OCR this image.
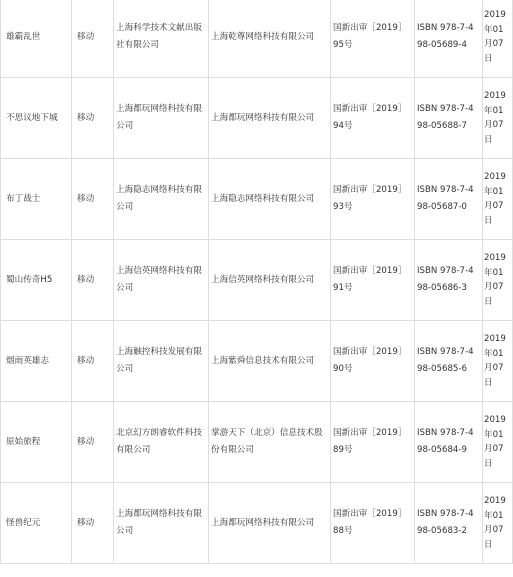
雄霸乱世	移动	上海科学技术文献出版社有限公司	上海乾尊网络科技有限公司	国新出审［2019］95号	ISBN 978-7-498-05689-4	2019年01月07日

不思议地下城	移动	上海都玩网络科技有限公司	上海都玩网络科技有限公司	国新出审［2019］94号	ISBN 978-7-498-05688-7	2019年01月07日

布丁战士	移动	上海隐志网络科技有限公司	上海隐志网络科技有限公司	国新出审［2019］93号	ISBN 978-7-498-05687-0	2019年01月07日

蜀山传奇H5	移动	上海信英网络科技有限公司	上海信英网络科技有限公司	国新出审［2019］91号	ISBN 978-7-498-05686-3	2019年01月07日

烟雨英雄志	移动	上海触控科技发展有限公司	上海紫舜信息技术有限公司	国新出审［2019］90号	ISBN 978-7-498-05685-6	2019年01月07日

原始旅程	移动	北京幻方朗睿软件科技有限公司	掌游天下（北京）信息技术股份有限公司	国新出审［2019］89号	ISBN 978-7-498-05684-9	2019年01月07日

怪兽纪元	移动	上海都玩网络科技有限公司	上海都玩网络科技有限公司	国新出审［2019］88号	ISBN 978-7-498-05683-2	2019年01月07日
